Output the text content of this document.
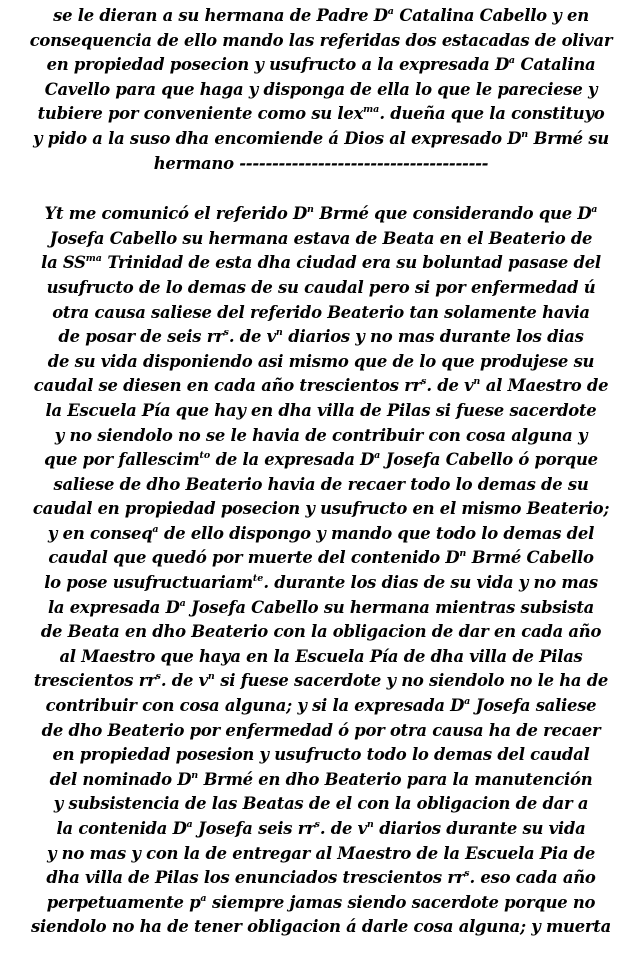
se le dieran a su hermana de Padre $D^a$ Catalina Cabello y en
consequencia de ello mando las referidas dos estacadas de olivar
en propiedad posecion y usufructo a la expresada $D^a$ Catalina
Cavello para que haga y disponga de ella lo que le pareciese y
tubiere por conveniente como su lex$^{ma}$. dueña que la constituyo
y pido a la suso dha encomiende á Dios al expresado $D^n$ Brmé su
hermano --------------------------------------
Yt me comunicó el referido $D^n$ Brmé que considerando que $D^a$
Josefa Cabello su hermana estava de Beata en el Beaterio de
la $SS^{ma}$ Trinidad de esta dha ciudad era su boluntad pasase del
usufructo de lo demas de su caudal pero si por enfermedad ú
otra causa saliese del referido Beaterio tan solamente havia
de posar de seis $rr^s$. de $v^n$ diarios y no mas durante los dias
de su vida disponiendo asi mismo que de lo que produjese su
caudal se diesen en cada año trescientos $rr^s$. de $v^n$ al Maestro de
la Escuela Pía que hay en dha villa de Pilas si fuese sacerdote
y no siendolo no se le havia de contribuir con cosa alguna y
que por fallescim$^{to}$ de la expresada $D^a$ Josefa Cabello ó porque
saliese de dho Beaterio havia de recaer todo lo demas de su
caudal en propiedad posecion y usufructo en el mismo Beaterio;
y en conseq$^a$ de ello dispongo y mando que todo lo demas del
caudal que quedó por muerte del contenido $D^n$ Brmé Cabello
lo pose usufructuariam$^{te}$. durante los dias de su vida y no mas
la expresada $D^a$ Josefa Cabello su hermana mientras subsista
de Beata en dho Beaterio con la obligacion de dar en cada año
al Maestro que haya en la Escuela Pía de dha villa de Pilas
trescientos $rr^s$. de $v^n$ si fuese sacerdote y no siendolo no le ha de
contribuir con cosa alguna; y si la expresada $D^a$ Josefa saliese
de dho Beaterio por enfermedad ó por otra causa ha de recaer
en propiedad posesion y usufructo todo lo demas del caudal
del nominado $D^n$ Brmé en dho Beaterio para la manutención
y subsistencia de las Beatas de el con la obligacion de dar a
la contenida $D^a$ Josefa seis $rr^s$. de $v^n$ diarios durante su vida
y no mas y con la de entregar al Maestro de la Escuela Pia de
dha villa de Pilas los enunciados trescientos $rr^s$. eso cada año
perpetuamente $p^a$ siempre jamas siendo sacerdote porque no
siendolo no ha de tener obligacion á darle cosa alguna; y muerta
